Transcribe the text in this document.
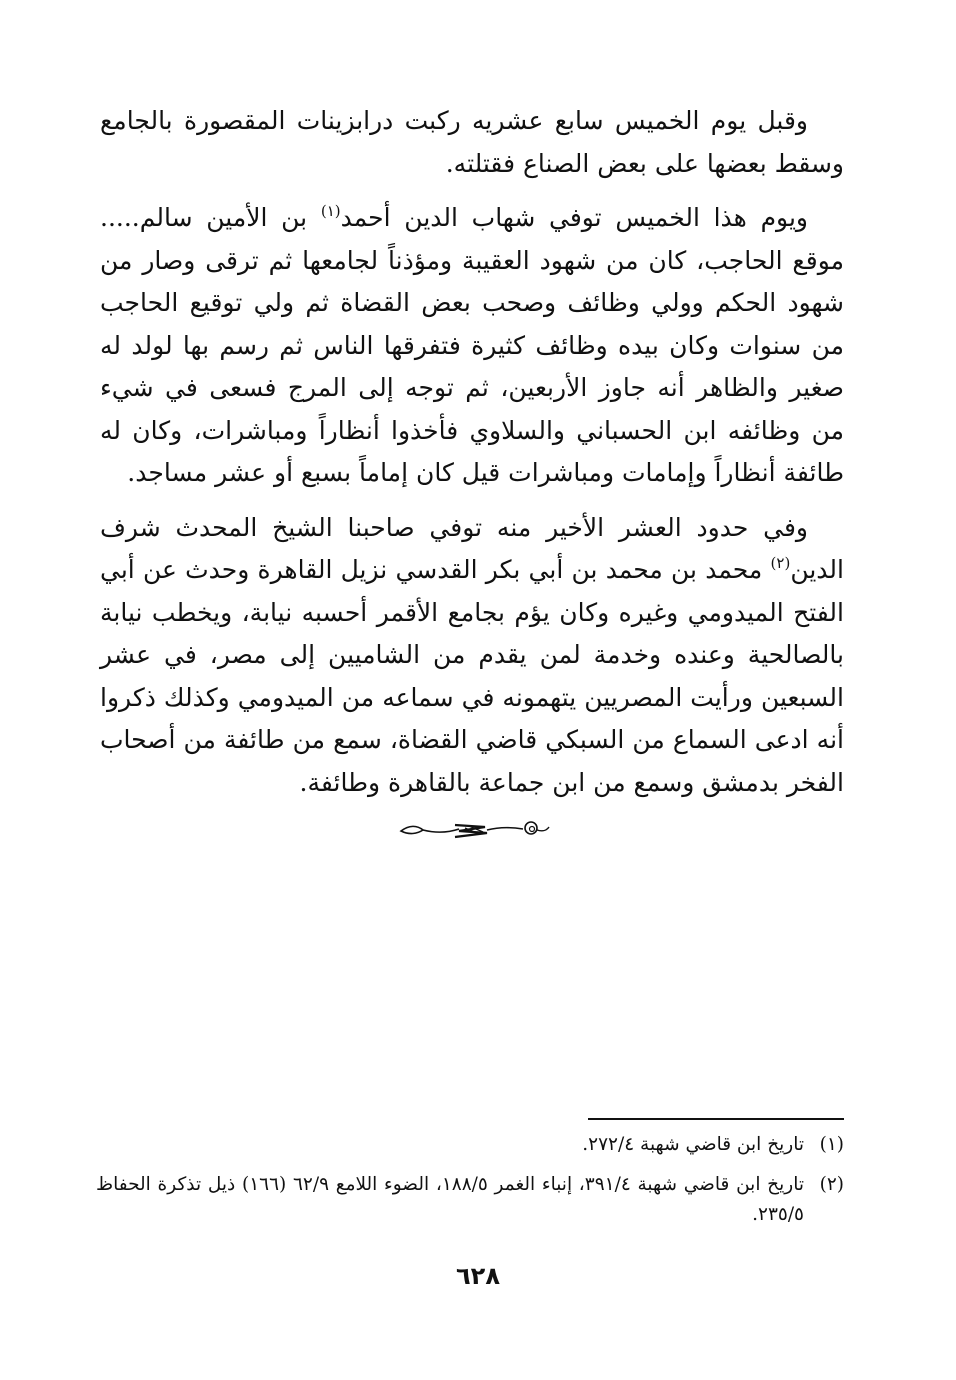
وقبل يوم الخميس سابع عشريه ركبت درابزينات المقصورة بالجامع وسقط بعضها على بعض الصناع فقتلته.

ويوم هذا الخميس توفي شهاب الدين أحمد$^{(١)}$ بن الأمين سالم..... موقع الحاجب، كان من شهود العقيبة ومؤذناً لجامعها ثم ترقى وصار من شهود الحكم وولي وظائف وصحب بعض القضاة ثم ولي توقيع الحاجب من سنوات وكان بيده وظائف كثيرة فتفرقها الناس ثم رسم بها لولد له صغير والظاهر أنه جاوز الأربعين، ثم توجه إلى المرج فسعى في شيء من وظائفه ابن الحسباني والسلاوي فأخذوا أنظاراً ومباشرات، وكان له طائفة أنظاراً وإمامات ومباشرات قيل كان إماماً بسبع أو عشر مساجد.

وفي حدود العشر الأخير منه توفي صاحبنا الشيخ المحدث شرف الدين$^{(٢)}$ محمد بن محمد بن أبي بكر القدسي نزيل القاهرة وحدث عن أبي الفتح الميدومي وغيره وكان يؤم بجامع الأقمر أحسبه نيابة، ويخطب نيابة بالصالحية وعنده وخدمة لمن يقدم من الشاميين إلى مصر، في عشر السبعين ورأيت المصريين يتهمونه في سماعه من الميدومي وكذلك ذكروا أنه ادعى السماع من السبكي قاضي القضاة، سمع من طائفة من أصحاب الفخر بدمشق وسمع من ابن جماعة بالقاهرة وطائفة.

(١)تاريخ ابن قاضي شهبة ٢٧٢/٤.

(٢)تاريخ ابن قاضي شهبة ٣٩١/٤، إنباء الغمر ١٨٨/٥، الضوء اللامع ٦٢/٩ (١٦٦) ذيل تذكرة الحفاظ ٢٣٥/٥.

٦٢٨
